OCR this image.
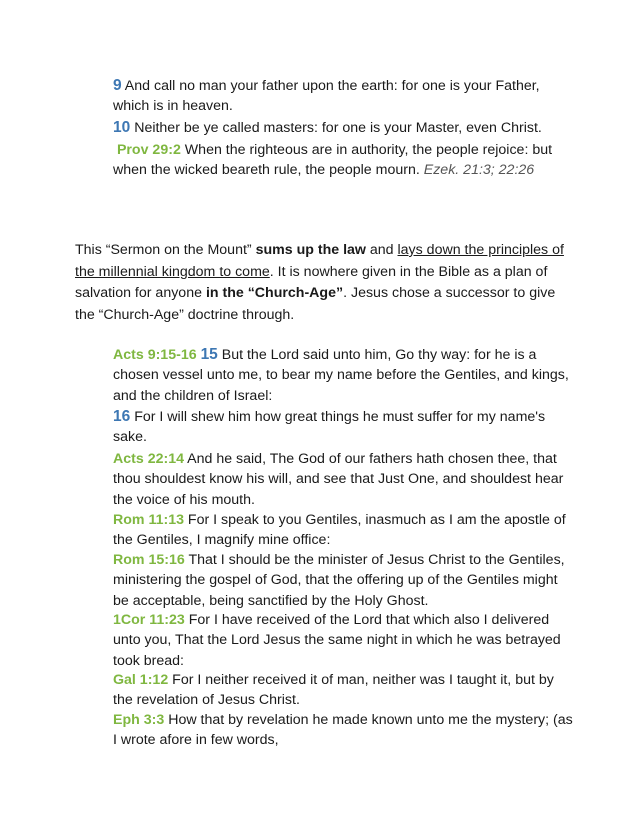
9 And call no man your father upon the earth: for one is your Father, which is in heaven.
10 Neither be ye called masters: for one is your Master, even Christ.
Prov 29:2 When the righteous are in authority, the people rejoice: but when the wicked beareth rule, the people mourn. Ezek. 21:3; 22:26
This “Sermon on the Mount” sums up the law and lays down the principles of the millennial kingdom to come. It is nowhere given in the Bible as a plan of salvation for anyone in the “Church-Age”. Jesus chose a successor to give the “Church-Age” doctrine through.
Acts 9:15-16 15 But the Lord said unto him, Go thy way: for he is a chosen vessel unto me, to bear my name before the Gentiles, and kings, and the children of Israel:
16 For I will shew him how great things he must suffer for my name's sake.
Acts 22:14 And he said, The God of our fathers hath chosen thee, that thou shouldest know his will, and see that Just One, and shouldest hear the voice of his mouth.
Rom 11:13 For I speak to you Gentiles, inasmuch as I am the apostle of the Gentiles, I magnify mine office:
Rom 15:16 That I should be the minister of Jesus Christ to the Gentiles, ministering the gospel of God, that the offering up of the Gentiles might be acceptable, being sanctified by the Holy Ghost.
1Cor 11:23 For I have received of the Lord that which also I delivered unto you, That the Lord Jesus the same night in which he was betrayed took bread:
Gal 1:12 For I neither received it of man, neither was I taught it, but by the revelation of Jesus Christ.
Eph 3:3 How that by revelation he made known unto me the mystery; (as I wrote afore in few words,
